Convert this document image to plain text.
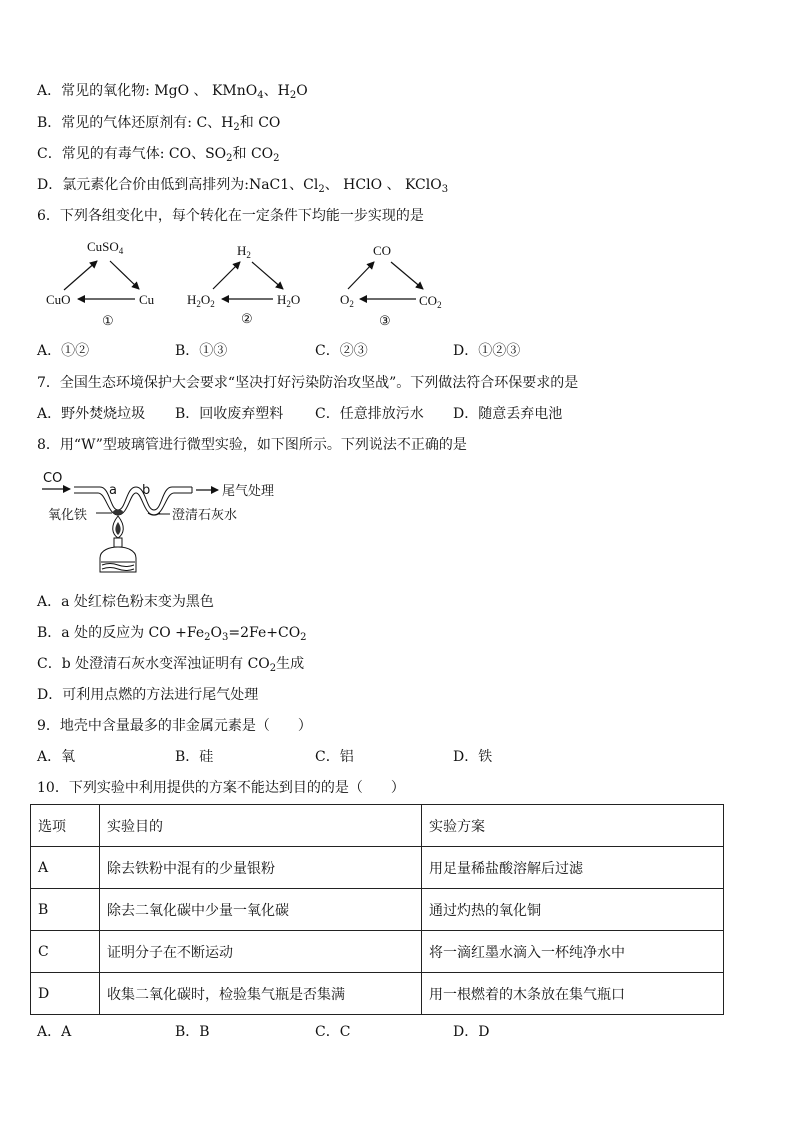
A．常见的氧化物: MgO 、 KMnO$_4$、$H_2O$
B．常见的气体还原剂有: C、$H_2$和 CO
C．常见的有毒气体: CO、$SO_2$和 $CO_2$
D．氯元素化合价由低到高排列为:NaC1、$Cl_2$、 HClO 、 KClO$_3$
6．下列各组变化中，每个转化在一定条件下均能一步实现的是
CuSO$_4$
CuO	Cu
①
$H_2$
$H_2O_2$	$H_2O$
②
CO
$O_2$	$CO_2$
③
A．①②	B．①③	C．②③	D．①②③
7．全国生态环境保护大会要求“坚决打好污染防治攻坚战”。下列做法符合环保要求的是
A．野外焚烧垃圾 B．回收废弃塑料 C．任意排放污水 D．随意丢弃电池
8．用“W”型玻璃管进行微型实验，如下图所示。下列说法不正确的是
CO
a b	尾气处理
氧化铁	澄清石灰水
A．a 处红棕色粉末变为黑色
B．a 处的反应为 CO $+Fe_2O_3=2Fe+CO_2$
C．b 处澄清石灰水变浑浊证明有 $CO_2$生成
D．可利用点燃的方法进行尾气处理
9．地壳中含量最多的非金属元素是（　　）
A．氧	B．硅	C．铝	D．铁
10．下列实验中利用提供的方案不能达到目的的是（　　）
选项	实验目的	实验方案
A	除去铁粉中混有的少量银粉	用足量稀盐酸溶解后过滤
B	除去二氧化碳中少量一氧化碳	通过灼热的氧化铜
C	证明分子在不断运动	将一滴红墨水滴入一杯纯净水中
D	收集二氧化碳时，检验集气瓶是否集满	用一根燃着的木条放在集气瓶口
A．A	B．B	C．C	D．D
